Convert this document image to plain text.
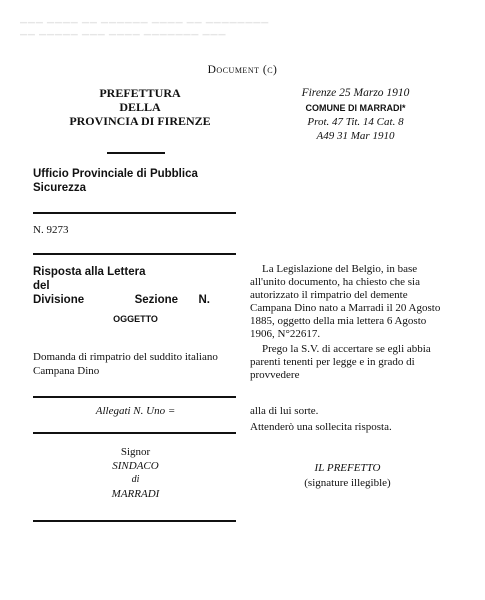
▁▁▁ ▁▁▁▁ ▁▁ ▁▁▁▁▁▁ ▁▁▁▁ ▁▁ ▁▁▁▁▁▁▁▁
▁▁ ▁▁▁▁▁ ▁▁▁ ▁▁▁▁ ▁▁▁▁▁▁▁ ▁▁▁
Document (c)
PREFETTURA
DELLA
PROVINCIA DI FIRENZE
Firenze 25 Marzo 1910
COMUNE DI MARRADI*
Prot. 47 Tit. 14 Cat. 8
A49 31 Mar 1910
Ufficio Provinciale di Pubblica Sicurezza
N. 9273
Risposta alla Lettera
del
Divisione	Sezione N.
OGGETTO
Domanda di rimpatrio del suddito italiano Campana Dino
Allegati N. Uno =
Signor
SINDACO
di
MARRADI

La Legislazione del Belgio, in base all'unito documento, ha chiesto che sia autorizzato il rimpatrio del demente Campana Dino nato a Marradi il 20 Agosto 1885, oggetto della mia lettera 6 Agosto 1906, N°22617.

Prego la S.V. di accertare se egli abbia parenti tenenti per legge e in grado di provvedere

alla di lui sorte.
Attenderò una sollecita risposta.
IL PREFETTO
(signature illegible)
